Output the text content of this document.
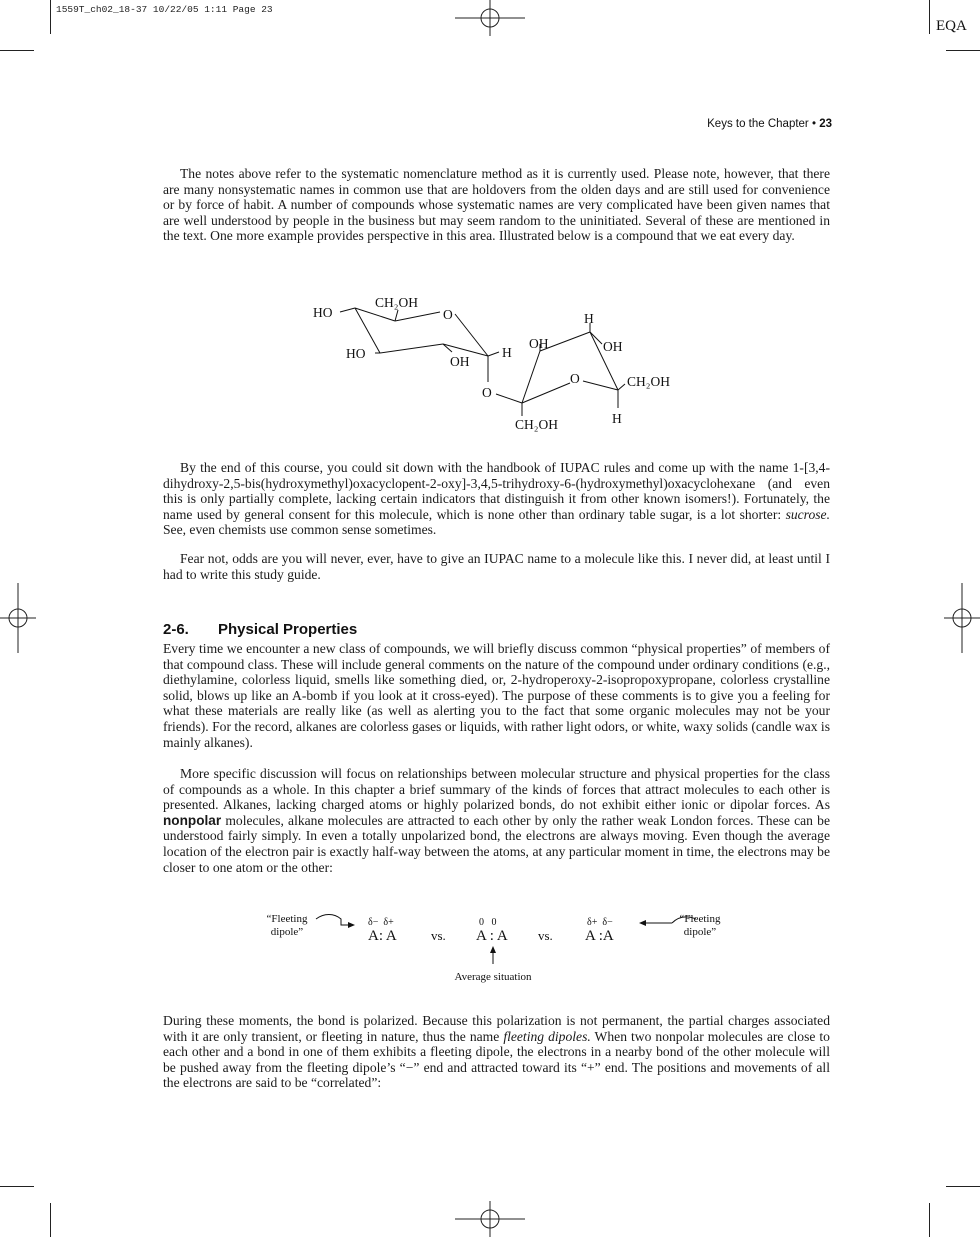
1559T_ch02_18-37 10/22/05 1:11 Page 23
EQA
Keys to the Chapter • 23

The notes above refer to the systematic nomenclature method as it is currently used. Please note, however, that there are many nonsystematic names in common use that are holdovers from the olden days and are still used for convenience or by force of habit. A number of compounds whose systematic names are very complicated have been given names that are well understood by people in the business but may seem random to the uninitiated. Several of these are mentioned in the text. One more example provides perspective in this area. Illustrated below is a compound that we eat every day.

HO
CH₂OH
O
HO
OH
H
O
OH
H
OH
O	CH₂OH
CH₂OH	H

By the end of this course, you could sit down with the handbook of IUPAC rules and come up with the name 1-[3,4-dihydroxy-2,5-bis(hydroxymethyl)oxacyclopent-2-oxy]-3,4,5-trihydroxy-6-(hydroxymethyl)oxacyclohexane (and even this is only partially complete, lacking certain indicators that distinguish it from other known isomers!). Fortunately, the name used by general consent for this molecule, which is none other than ordinary table sugar, is a lot shorter: sucrose. See, even chemists use common sense sometimes.

Fear not, odds are you will never, ever, have to give an IUPAC name to a molecule like this. I never did, at least until I had to write this study guide.

2-6. Physical Properties

Every time we encounter a new class of compounds, we will briefly discuss common “physical properties” of members of that compound class. These will include general comments on the nature of the compound under ordinary conditions (e.g., diethylamine, colorless liquid, smells like something died, or, 2-hydroperoxy-2-isopropoxypropane, colorless crystalline solid, blows up like an A-bomb if you look at it cross-eyed). The purpose of these comments is to give you a feeling for what these materials are really like (as well as alerting you to the fact that some organic molecules may not be your friends). For the record, alkanes are colorless gases or liquids, with rather light odors, or white, waxy solids (candle wax is mainly alkanes).

More specific discussion will focus on relationships between molecular structure and physical properties for the class of compounds as a whole. In this chapter a brief summary of the kinds of forces that attract molecules to each other is presented. Alkanes, lacking charged atoms or highly polarized bonds, do not exhibit either ionic or dipolar forces. As nonpolar molecules, alkane molecules are attracted to each other by only the rather weak London forces. These can be understood fairly simply. In even a totally unpolarized bond, the electrons are always moving. Even though the average location of the electron pair is exactly half-way between the atoms, at any particular moment in time, the electrons may be closer to one atom or the other:

“Fleeting
dipole”
δ−  δ+
A: A	vs.
0   0
A : A vs.
δ+  δ−
A :A
“Fleeting
dipole”
Average situation

During these moments, the bond is polarized. Because this polarization is not permanent, the partial charges associated with it are only transient, or fleeting in nature, thus the name fleeting dipoles. When two nonpolar molecules are close to each other and a bond in one of them exhibits a fleeting dipole, the electrons in a nearby bond of the other molecule will be pushed away from the fleeting dipole’s “−” end and attracted toward its “+” end. The positions and movements of all the electrons are said to be “correlated”:
